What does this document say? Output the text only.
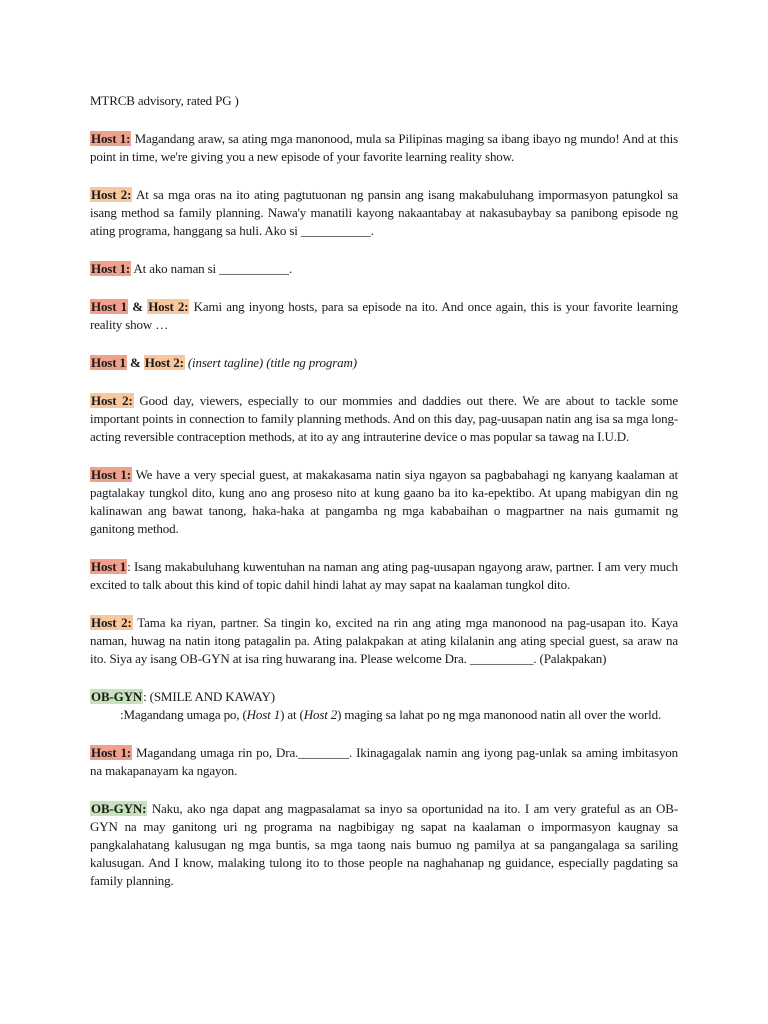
MTRCB advisory, rated PG )

Host 1: Magandang araw, sa ating mga manonood, mula sa Pilipinas maging sa ibang ibayo ng mundo! And at this point in time, we're giving you a new episode of your favorite learning reality show.

Host 2: At sa mga oras na ito ating pagtutuonan ng pansin ang isang makabuluhang impormasyon patungkol sa isang method sa family planning. Nawa'y manatili kayong nakaantabay at nakasubaybay sa panibong episode ng ating programa, hanggang sa huli. Ako si ___________.

Host 1: At ako naman si ___________.

Host 1 & Host 2: Kami ang inyong hosts, para sa episode na ito. And once again, this is your favorite learning reality show …

Host 1 & Host 2: (insert tagline) (title ng program)

Host 2: Good day, viewers, especially to our mommies and daddies out there. We are about to tackle some important points in connection to family planning methods. And on this day, pag-uusapan natin ang isa sa mga long-acting reversible contraception methods, at ito ay ang intrauterine device o mas popular sa tawag na I.U.D.

Host 1: We have a very special guest, at makakasama natin siya ngayon sa pagbabahagi ng kanyang kaalaman at pagtalakay tungkol dito, kung ano ang proseso nito at kung gaano ba ito ka-epektibo. At upang mabigyan din ng kalinawan ang bawat tanong, haka-haka at pangamba ng mga kababaihan o magpartner na nais gumamit ng ganitong method.

Host 1: Isang makabuluhang kuwentuhan na naman ang ating pag-uusapan ngayong araw, partner. I am very much excited to talk about this kind of topic dahil hindi lahat ay may sapat na kaalaman tungkol dito.

Host 2: Tama ka riyan, partner. Sa tingin ko, excited na rin ang ating mga manonood na pag-usapan ito. Kaya naman, huwag na natin itong patagalin pa. Ating palakpakan at ating kilalanin ang ating special guest, sa araw na ito. Siya ay isang OB-GYN at isa ring huwarang ina. Please welcome Dra. __________. (Palakpakan)

OB-GYN: (SMILE AND KAWAY)
:Magandang umaga po, (Host 1) at (Host 2) maging sa lahat po ng mga manonood natin all over the world.

Host 1: Magandang umaga rin po, Dra.________. Ikinagagalak namin ang iyong pag-unlak sa aming imbitasyon na makapanayam ka ngayon.

OB-GYN: Naku, ako nga dapat ang magpasalamat sa inyo sa oportunidad na ito. I am very grateful as an OB-GYN na may ganitong uri ng programa na nagbibigay ng sapat na kaalaman o impormasyon kaugnay sa pangkalahatang kalusugan ng mga buntis, sa mga taong nais bumuo ng pamilya at sa pangangalaga sa sariling kalusugan. And I know, malaking tulong ito to those people na naghahanap ng guidance, especially pagdating sa family planning.
